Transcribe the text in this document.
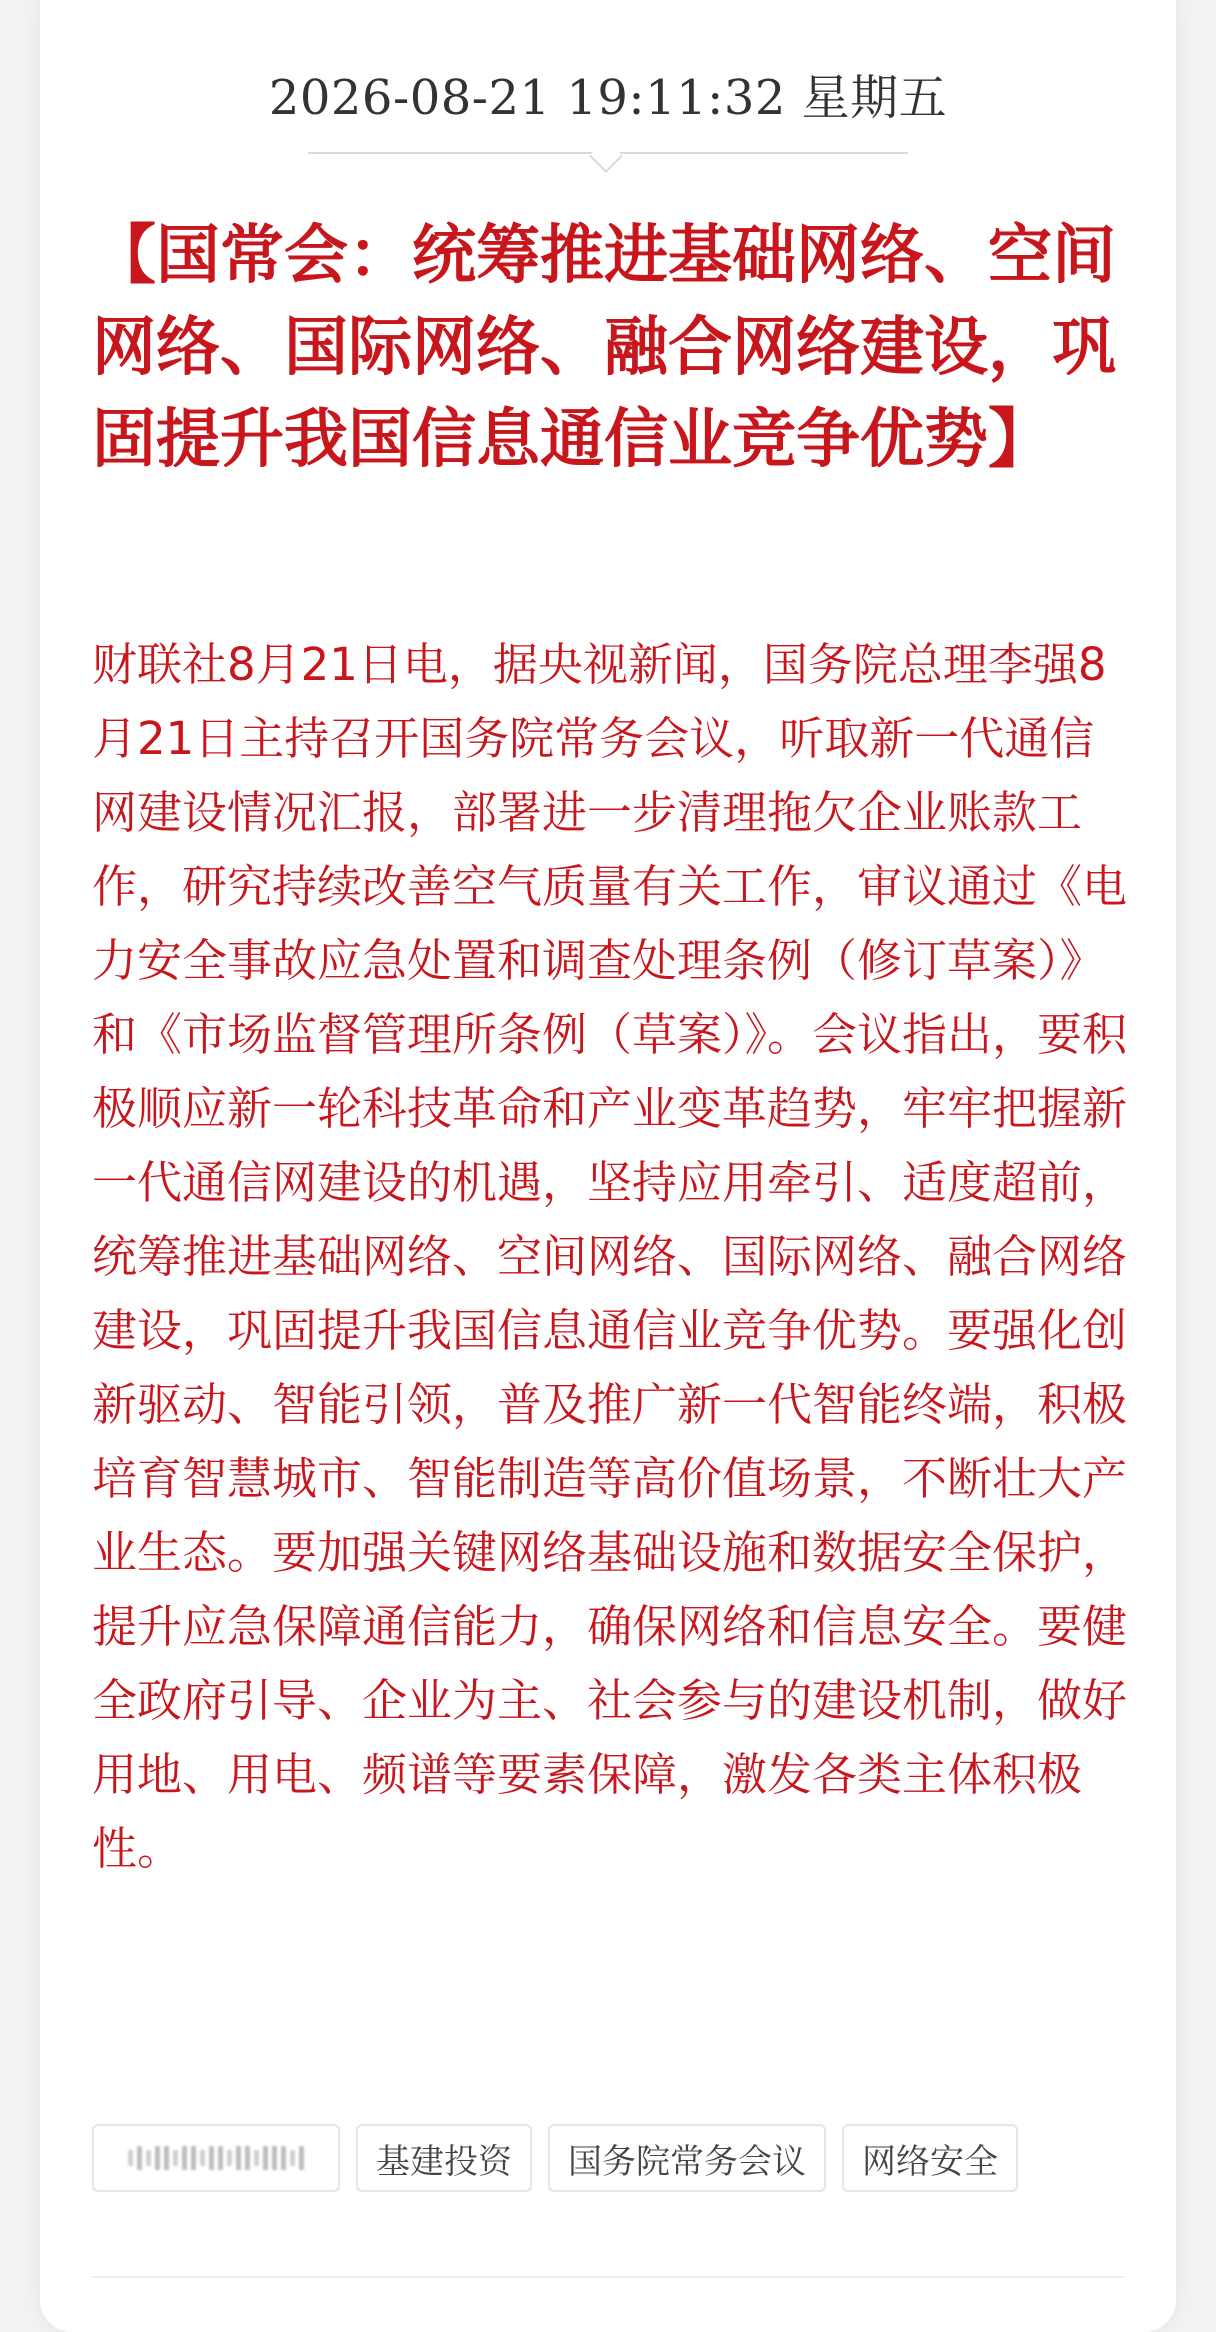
2026-08-21 19:11:32 星期五
【国常会：统筹推进基础网络、空间网络、国际网络、融合网络建设，巩固提升我国信息通信业竞争优势】

财联社8月21日电，据央视新闻，国务院总理李强8月21日主持召开国务院常务会议，听取新一代通信网建设情况汇报，部署进一步清理拖欠企业账款工作，研究持续改善空气质量有关工作，审议通过《电力安全事故应急处置和调查处理条例（修订草案）》和《市场监督管理所条例（草案）》。会议指出，要积极顺应新一轮科技革命和产业变革趋势，牢牢把握新一代通信网建设的机遇，坚持应用牵引、适度超前，统筹推进基础网络、空间网络、国际网络、融合网络建设，巩固提升我国信息通信业竞争优势。要强化创新驱动、智能引领，普及推广新一代智能终端，积极培育智慧城市、智能制造等高价值场景，不断壮大产业生态。要加强关键网络基础设施和数据安全保护，提升应急保障通信能力，确保网络和信息安全。要健全政府引导、企业为主、社会参与的建设机制，做好用地、用电、频谱等要素保障，激发各类主体积极性。

基建投资	国务院常务会议	网络安全
